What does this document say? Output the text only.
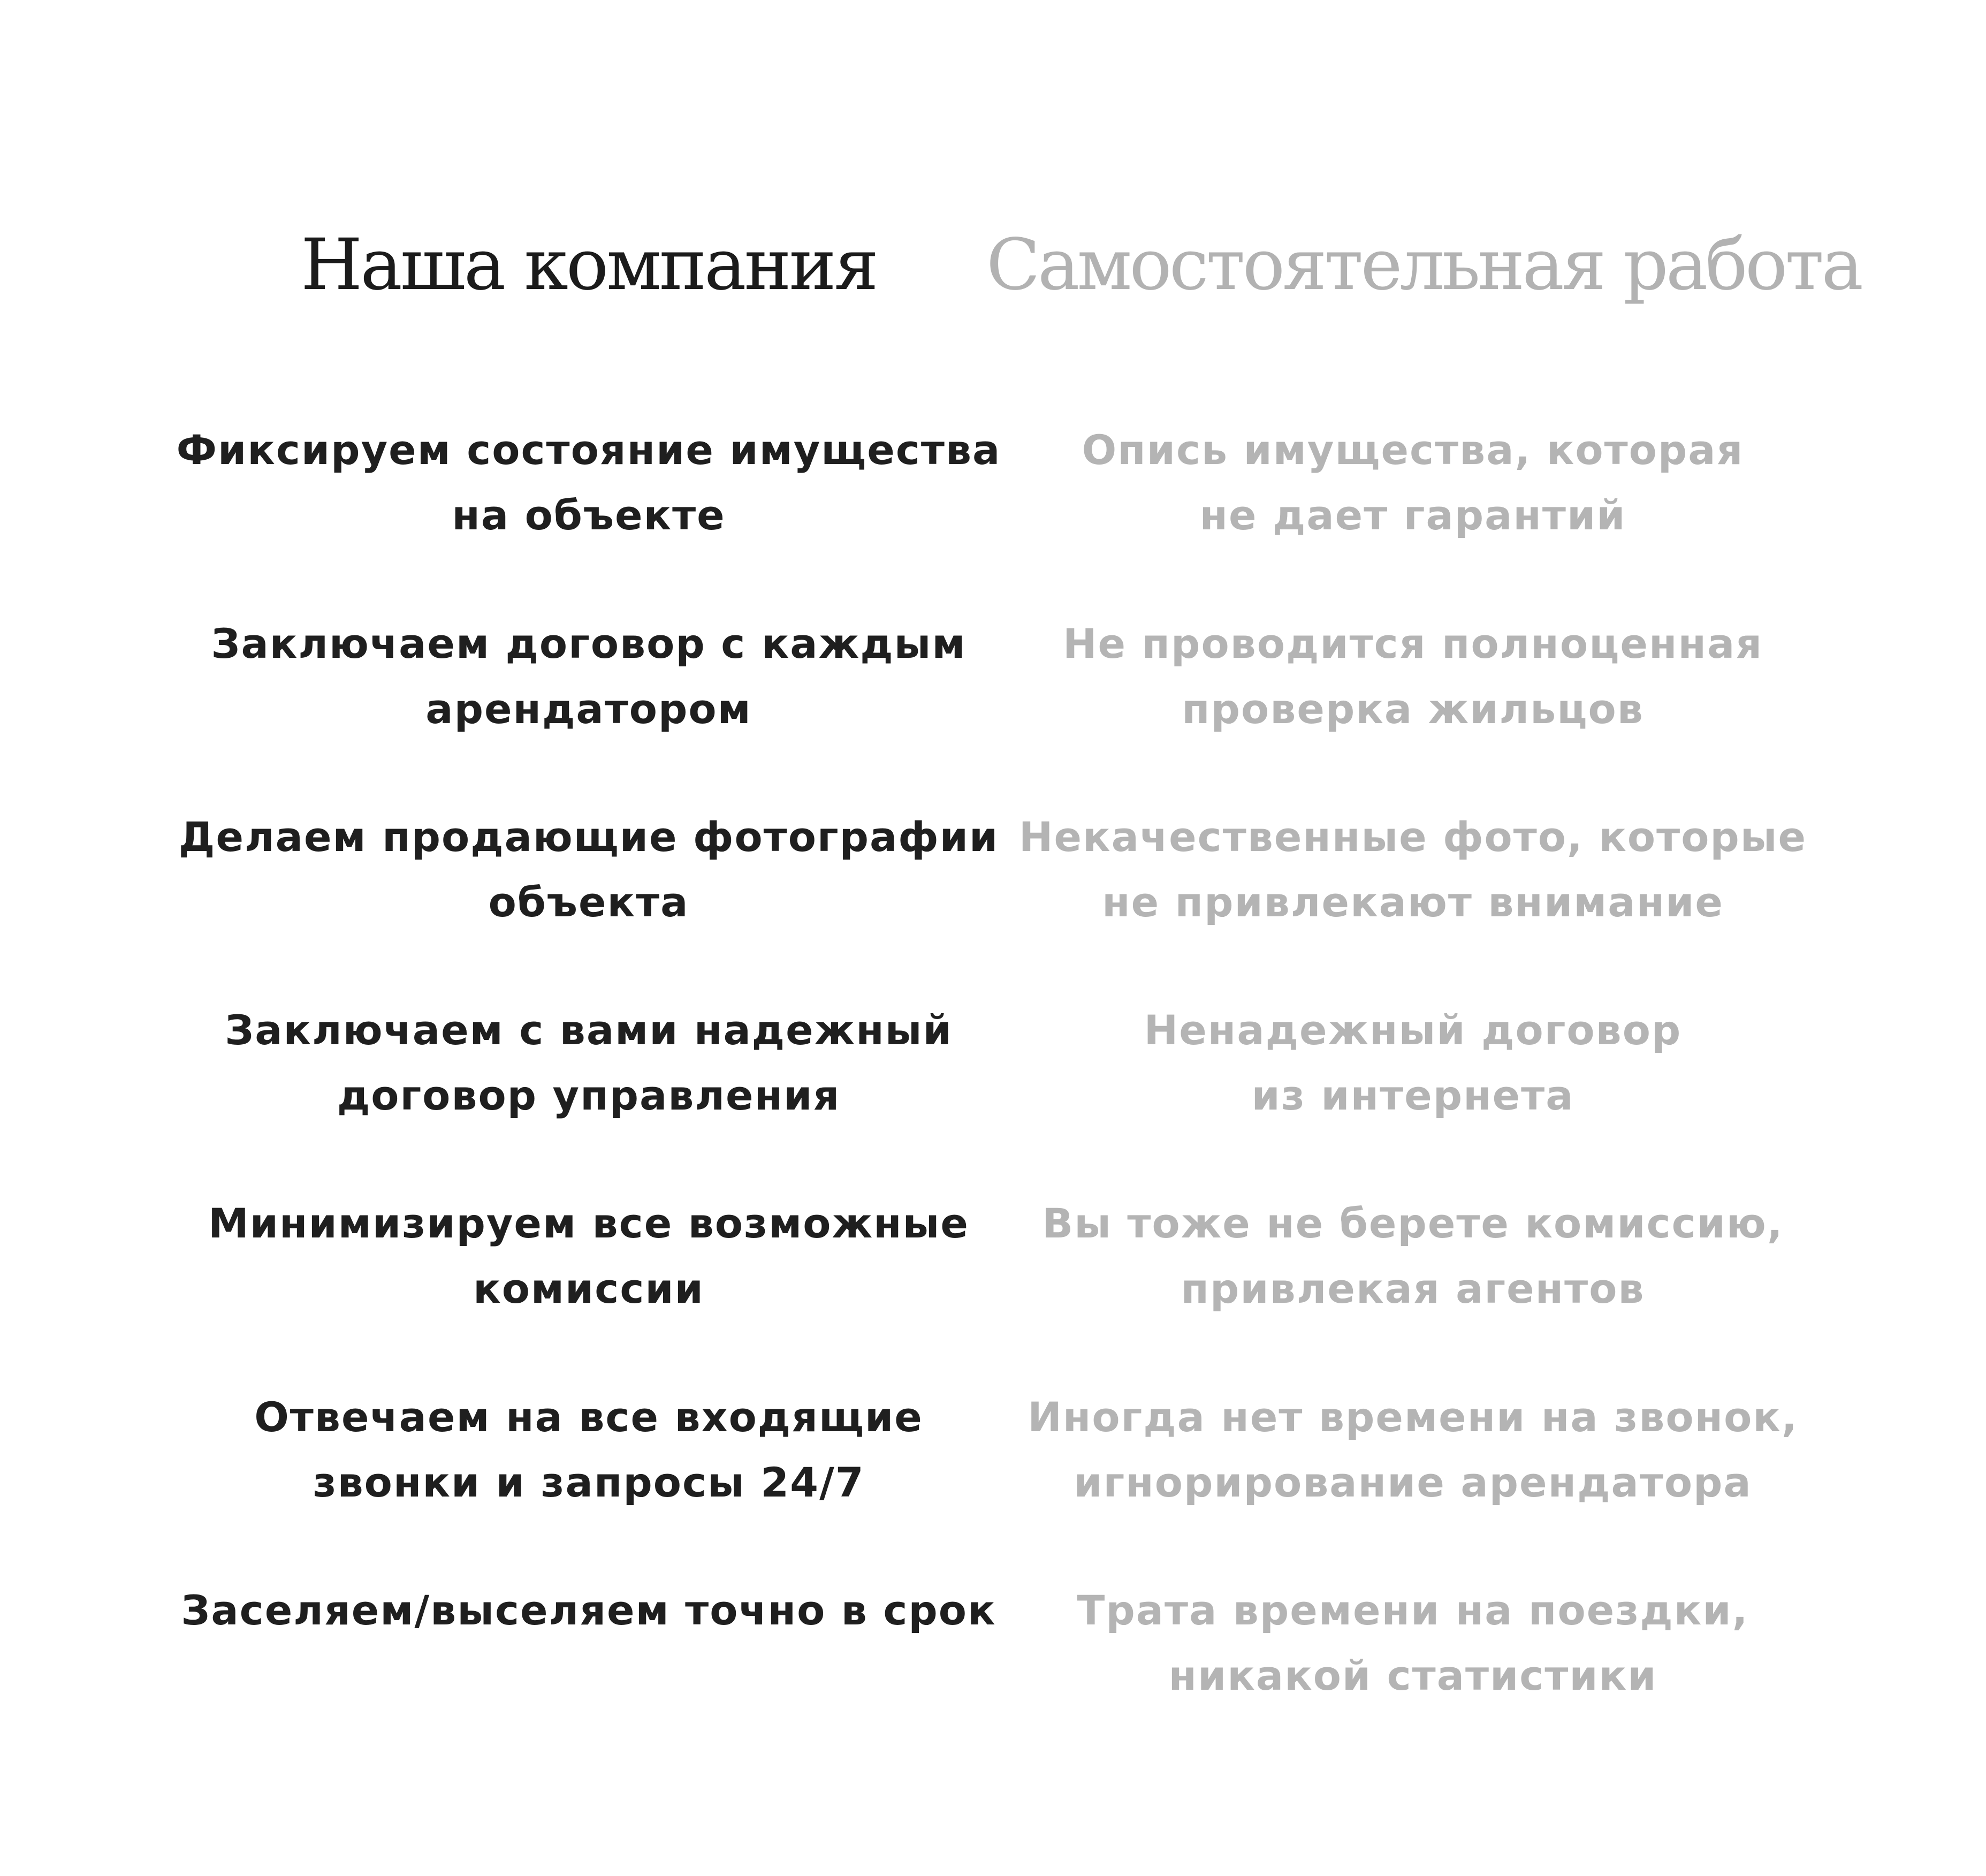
Наша компания	Самостоятельная работа
Фиксируем состояние имущества
на объекте
Опись имущества, которая
не дает гарантий
Заключаем договор с каждым
арендатором
Не проводится полноценная
проверка жильцов
Делаем продающие фотографии
объекта
Некачественные фото, которые
не привлекают внимание
Заключаем с вами надежный
договор управления
Ненадежный договор
из интернета
Минимизируем все возможные
комиссии
Вы тоже не берете комиссию,
привлекая агентов
Отвечаем на все входящие
звонки и запросы 24/7
Иногда нет времени на звонок,
игнорирование арендатора
Заселяем/выселяем точно в срок	Трата времени на поездки,
никакой статистики
